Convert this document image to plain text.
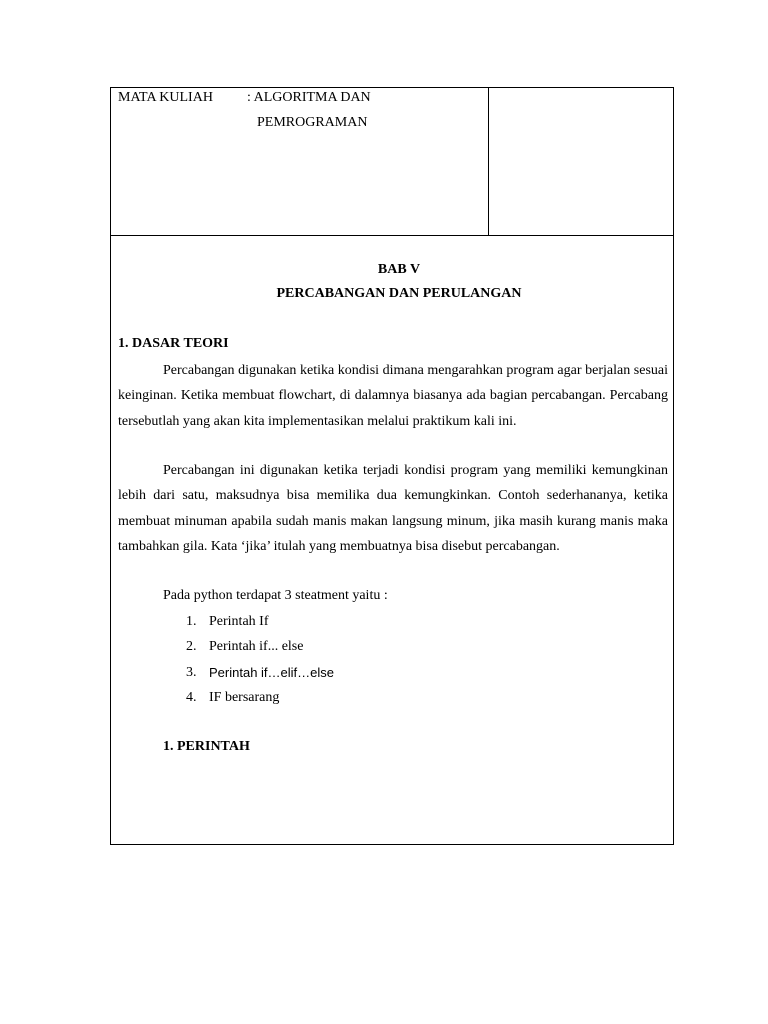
MATA KULIAH : ALGORITMA DAN
PEMROGRAMAN
BAB V
PERCABANGAN DAN PERULANGAN
1. DASAR TEORI

Percabangan digunakan ketika kondisi dimana mengarahkan program agar berjalan sesuai keinginan. Ketika membuat flowchart, di dalamnya biasanya ada bagian percabangan. Percabang tersebutlah yang akan kita implementasikan melalui praktikum kali ini.

Percabangan ini digunakan ketika terjadi kondisi program yang memiliki kemungkinan lebih dari satu, maksudnya bisa memilika dua kemungkinkan. Contoh sederhananya, ketika membuat minuman apabila sudah manis makan langsung minum, jika masih kurang manis maka tambahkan gila. Kata ‘jika’ itulah yang membuatnya bisa disebut percabangan.

Pada python terdapat 3 steatment yaitu :
1. Perintah If
2. Perintah if... else
3. Perintah if…elif…else
4. IF bersarang
1. PERINTAH
